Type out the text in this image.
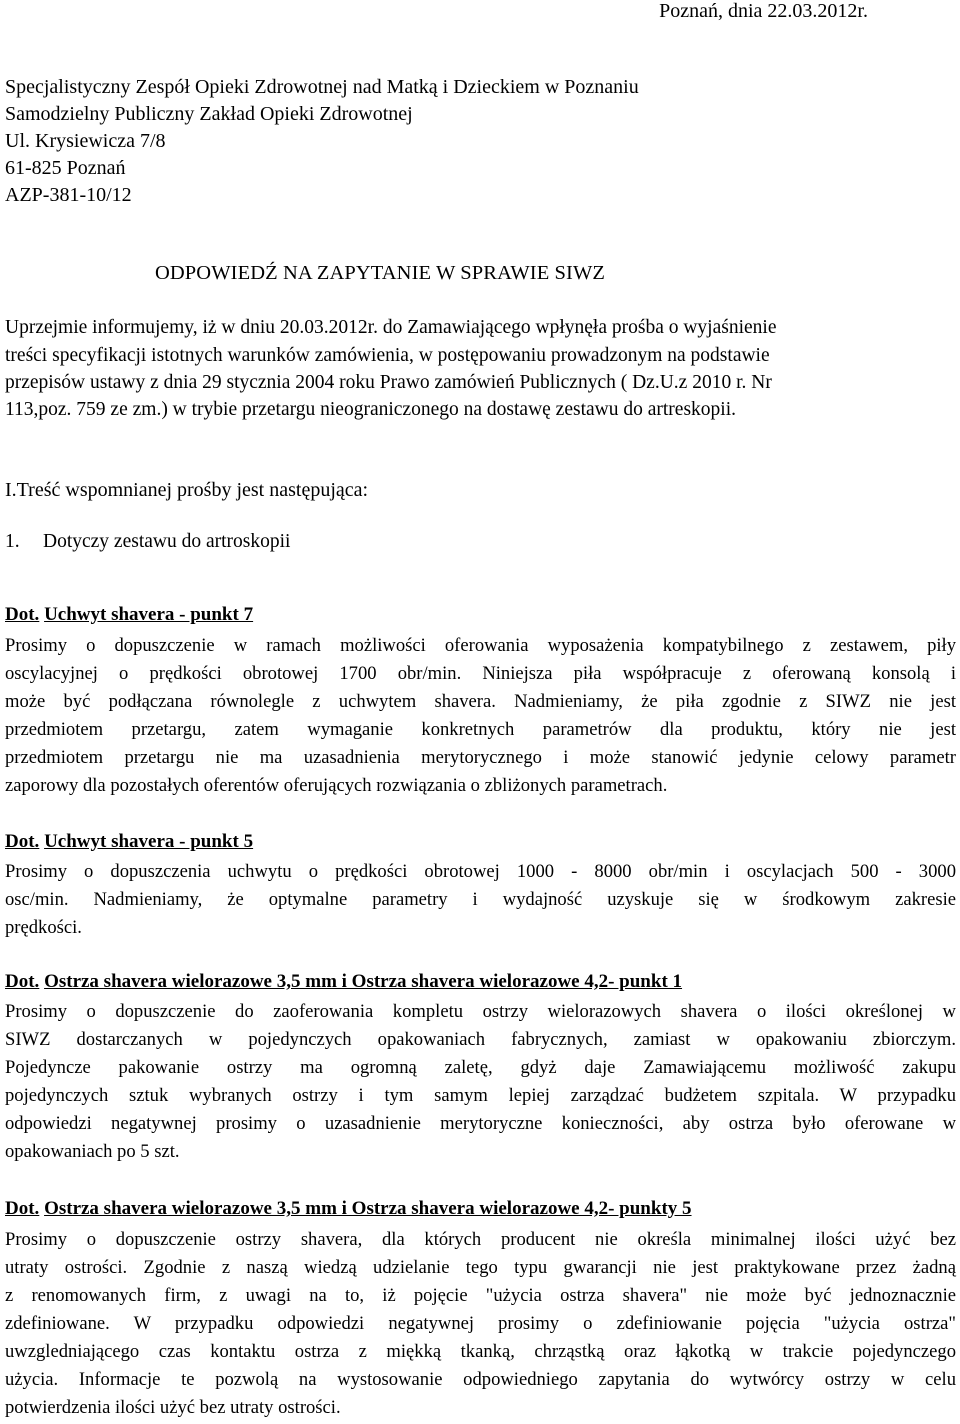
Poznań, dnia 22.03.2012r.
Specjalistyczny Zespół Opieki Zdrowotnej nad Matką i Dzieckiem w Poznaniu
Samodzielny Publiczny Zakład Opieki Zdrowotnej
Ul. Krysiewicza 7/8
61-825 Poznań
AZP-381-10/12
ODPOWIEDŹ NA ZAPYTANIE W SPRAWIE SIWZ
Uprzejmie informujemy, iż w dniu 20.03.2012r. do Zamawiającego wpłynęła prośba o wyjaśnienie
treści specyfikacji istotnych warunków zamówienia, w postępowaniu prowadzonym na podstawie
przepisów ustawy z dnia 29 stycznia 2004 roku Prawo zamówień Publicznych ( Dz.U.z 2010 r. Nr
113,poz. 759 ze zm.) w trybie przetargu nieograniczonego na dostawę zestawu do artreskopii.
I.Treść wspomnianej prośby jest następująca:
1. Dotyczy zestawu do artroskopii
Dot. Uchwyt shavera - punkt 7
Prosimy o dopuszczenie w ramach możliwości oferowania wyposażenia kompatybilnego z zestawem, piły
oscylacyjnej o prędkości obrotowej 1700 obr/min. Niniejsza piła współpracuje z oferowaną konsolą i
może być podłączana równolegle z uchwytem shavera. Nadmieniamy, że piła zgodnie z SIWZ nie jest
przedmiotem przetargu, zatem wymaganie konkretnych parametrów dla produktu, który nie jest
przedmiotem przetargu nie ma uzasadnienia merytorycznego i może stanowić jedynie celowy parametr
zaporowy dla pozostałych oferentów oferujących rozwiązania o zbliżonych parametrach.
Dot. Uchwyt shavera - punkt 5
Prosimy o dopuszczenia uchwytu o prędkości obrotowej 1000 - 8000 obr/min i oscylacjach 500 - 3000
osc/min. Nadmieniamy, że optymalne parametry i wydajność uzyskuje się w środkowym zakresie
prędkości.
Dot. Ostrza shavera wielorazowe 3,5 mm i Ostrza shavera wielorazowe 4,2- punkt 1
Prosimy o dopuszczenie do zaoferowania kompletu ostrzy wielorazowych shavera o ilości określonej w
SIWZ dostarczanych w pojedynczych opakowaniach fabrycznych, zamiast w opakowaniu zbiorczym.
Pojedyncze pakowanie ostrzy ma ogromną zaletę, gdyż daje Zamawiającemu możliwość zakupu
pojedynczych sztuk wybranych ostrzy i tym samym lepiej zarządzać budżetem szpitala. W przypadku
odpowiedzi negatywnej prosimy o uzasadnienie merytoryczne konieczności, aby ostrza było oferowane w
opakowaniach po 5 szt.
Dot. Ostrza shavera wielorazowe 3,5 mm i Ostrza shavera wielorazowe 4,2- punkty 5
Prosimy o dopuszczenie ostrzy shavera, dla których producent nie określa minimalnej ilości użyć bez
utraty ostrości. Zgodnie z naszą wiedzą udzielanie tego typu gwarancji nie jest praktykowane przez żadną
z renomowanych firm, z uwagi na to, iż pojęcie "użycia ostrza shavera" nie może być jednoznacznie
zdefiniowane. W przypadku odpowiedzi negatywnej prosimy o zdefiniowanie pojęcia "użycia ostrza"
uwzgledniającego czas kontaktu ostrza z miękką tkanką, chrząstką oraz łąkotką w trakcie pojedynczego
użycia. Informacje te pozwolą na wystosowanie odpowiedniego zapytania do wytwórcy ostrzy w celu
potwierdzenia ilości użyć bez utraty ostrości.
